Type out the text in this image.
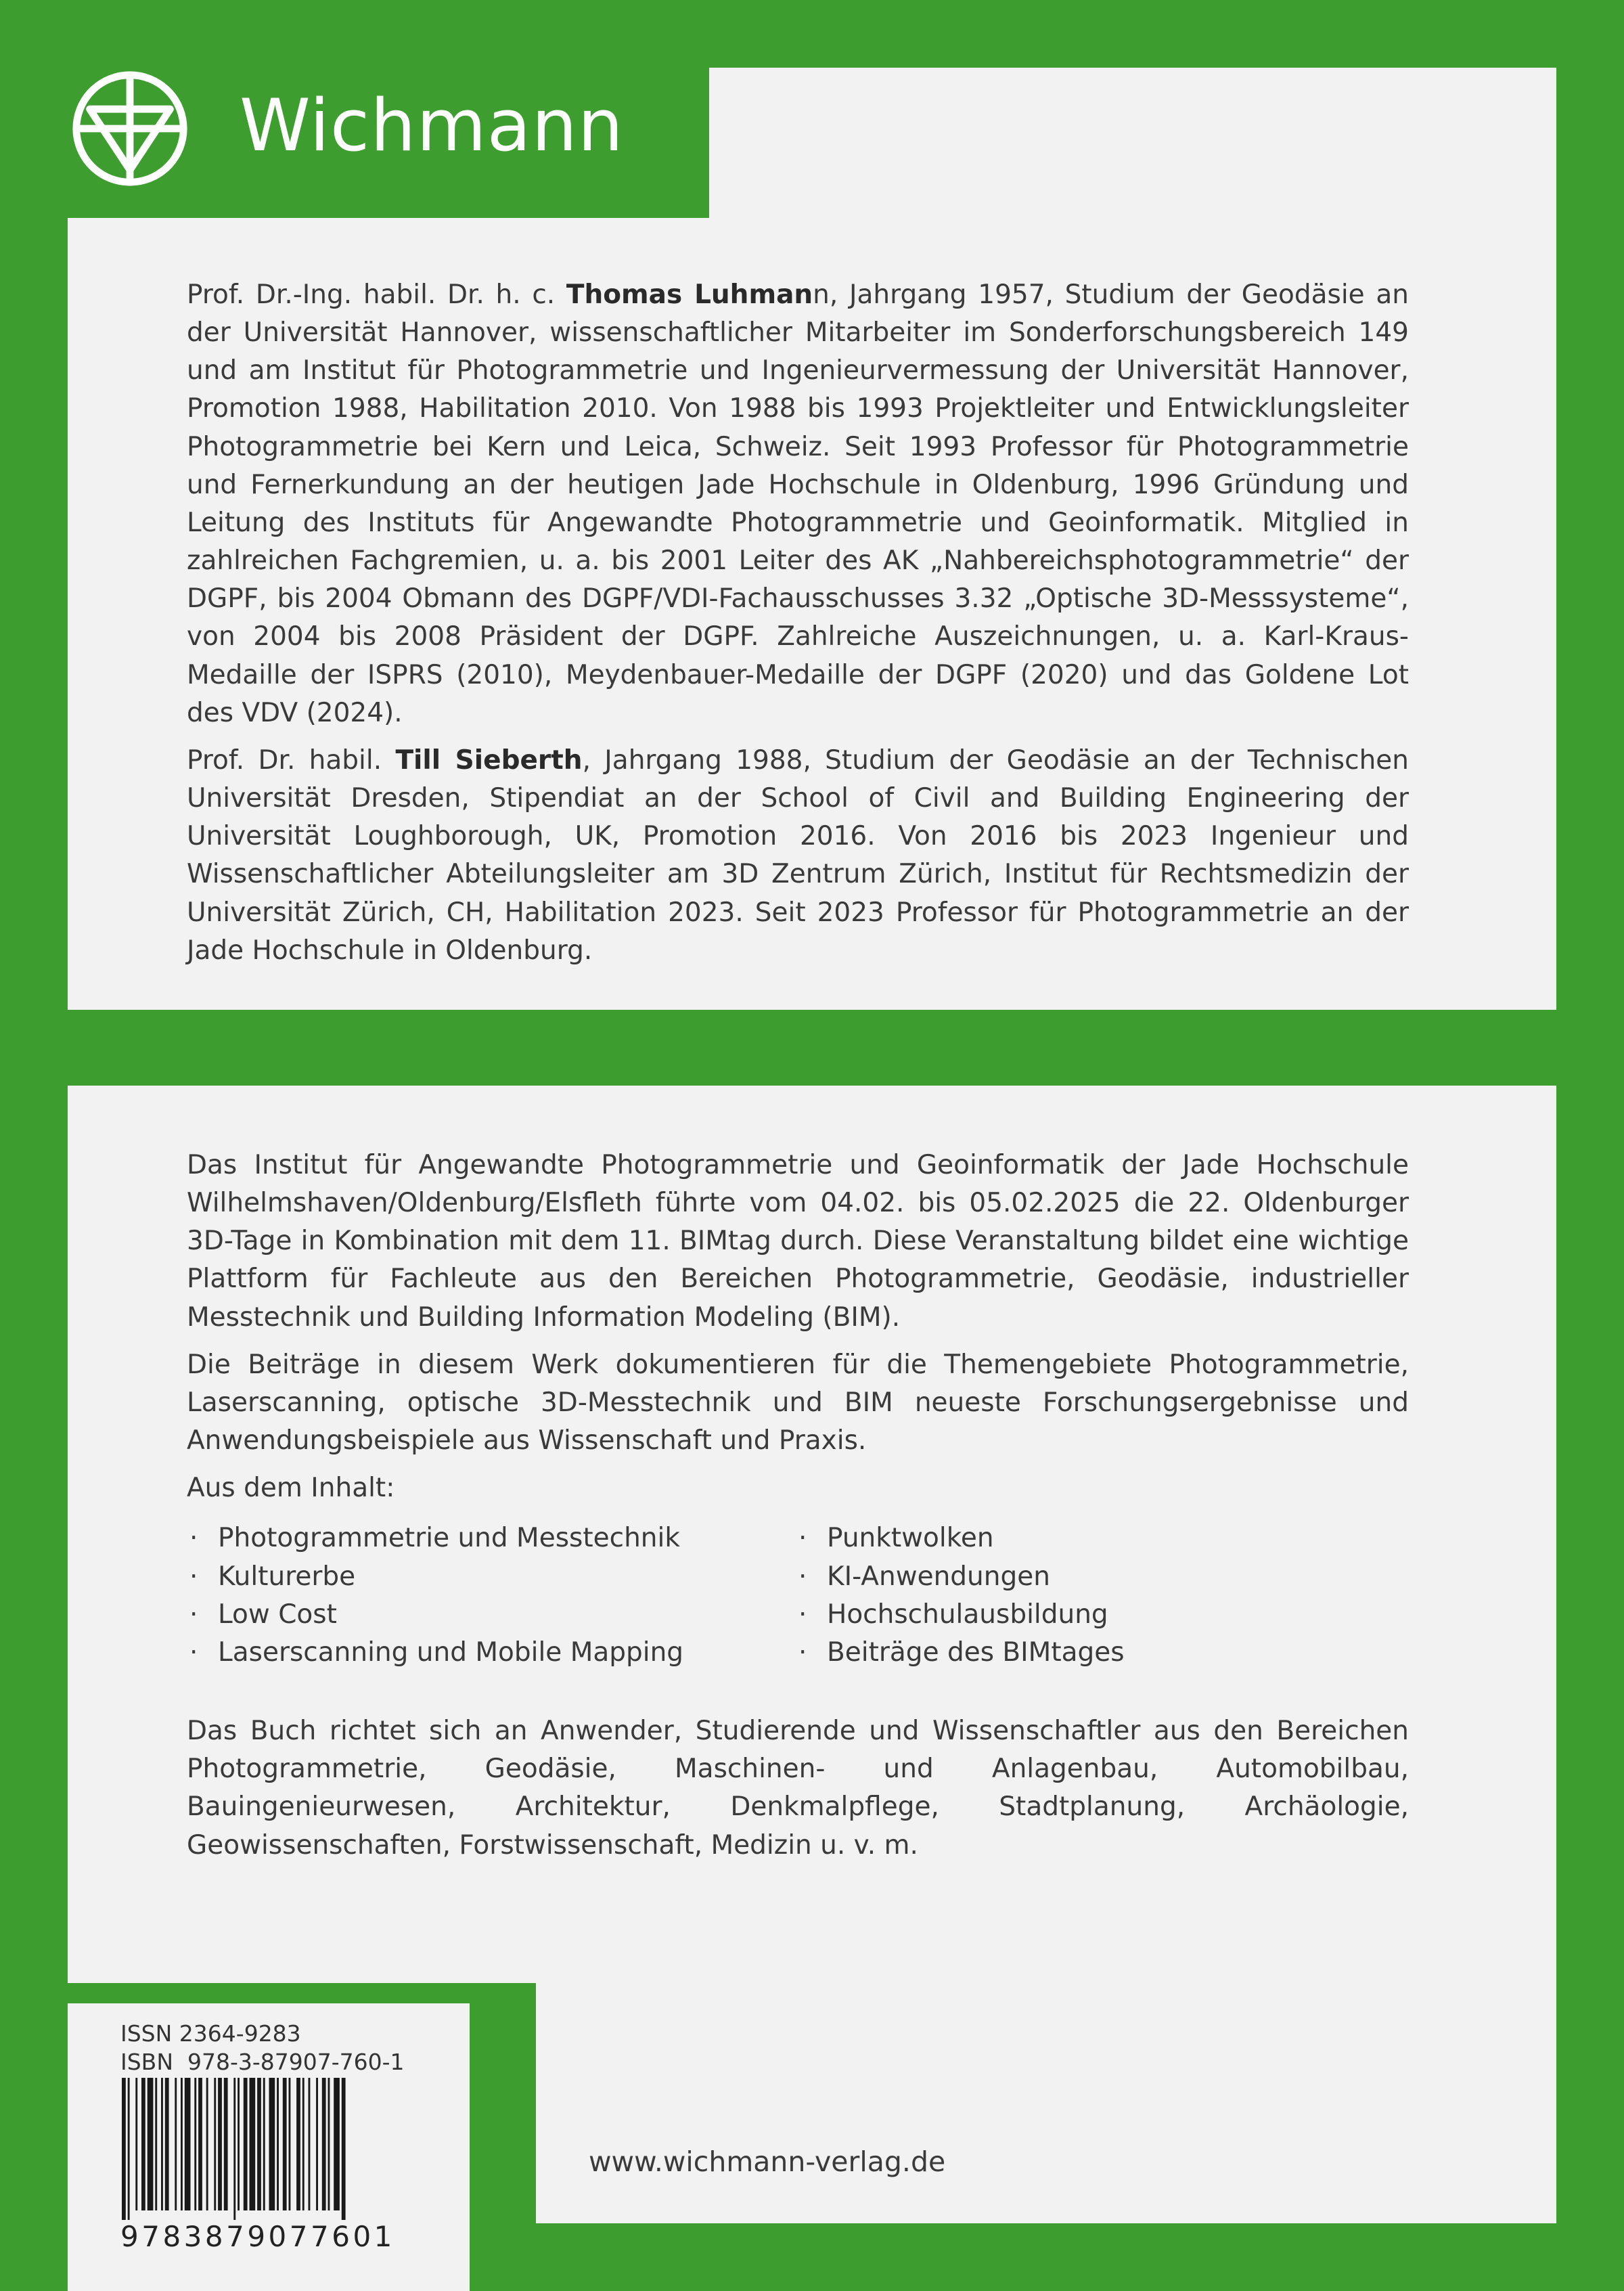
Wichmann

Prof. Dr.-Ing. habil. Dr. h. c. Thomas Luhmann, Jahrgang 1957, Studium der Geodäsie an der Universität Hannover, wissenschaftlicher Mitarbeiter im Sonderforschungsbereich 149 und am Institut für Photogrammetrie und Ingenieurvermessung der Universität Hannover, Promotion 1988, Habilitation 2010. Von 1988 bis 1993 Projektleiter und Entwicklungsleiter Photogrammetrie bei Kern und Leica, Schweiz. Seit 1993 Professor für Photogrammetrie und Fernerkundung an der heutigen Jade Hochschule in Oldenburg, 1996 Gründung und Leitung des Instituts für Angewandte Photogrammetrie und Geoinformatik. Mitglied in zahlreichen Fachgremien, u. a. bis 2001 Leiter des AK „Nahbereichsphotogrammetrie“ der DGPF, bis 2004 Obmann des DGPF/VDI-Fachausschusses 3.32 „Optische 3D-Messsysteme“, von 2004 bis 2008 Präsident der DGPF. Zahlreiche Auszeichnungen, u. a. Karl-Kraus-Medaille der ISPRS (2010), Meydenbauer-Medaille der DGPF (2020) und das Goldene Lot des VDV (2024).

Prof. Dr. habil. Till Sieberth, Jahrgang 1988, Studium der Geodäsie an der Technischen Universität Dresden, Stipendiat an der School of Civil and Building Engineering der Universität Loughborough, UK, Promotion 2016. Von 2016 bis 2023 Ingenieur und Wissenschaftlicher Abteilungsleiter am 3D Zentrum Zürich, Institut für Rechtsmedizin der Universität Zürich, CH, Habilitation 2023. Seit 2023 Professor für Photogrammetrie an der Jade Hochschule in Oldenburg.

Das Institut für Angewandte Photogrammetrie und Geoinformatik der Jade Hochschule Wilhelmshaven/Oldenburg/Elsfleth führte vom 04.02. bis 05.02.2025 die 22. Oldenburger 3D-Tage in Kombination mit dem 11. BIMtag durch. Diese Veranstaltung bildet eine wichtige Plattform für Fachleute aus den Bereichen Photogrammetrie, Geodäsie, industrieller Messtechnik und Building Information Modeling (BIM).

Die Beiträge in diesem Werk dokumentieren für die Themengebiete Photogrammetrie, Laserscanning, optische 3D-Messtechnik und BIM neueste Forschungsergebnisse und Anwendungsbeispiele aus Wissenschaft und Praxis.

Aus dem Inhalt:

· Photogrammetrie und Messtechnik
· Kulturerbe
· Low Cost
· Laserscanning und Mobile Mapping
· Punktwolken
· KI-Anwendungen
· Hochschulausbildung
· Beiträge des BIMtages

Das Buch richtet sich an Anwender, Studierende und Wissenschaftler aus den Bereichen Photogrammetrie, Geodäsie, Maschinen- und Anlagenbau, Automobilbau, Bauingenieurwesen, Architektur, Denkmalpflege, Stadtplanung, Archäologie, Geowissenschaften, Forstwissenschaft, Medizin u. v. m.

ISSN 2364-9283
ISBN  978-3-87907-760-1
9783879077601
www.wichmann-verlag.de
